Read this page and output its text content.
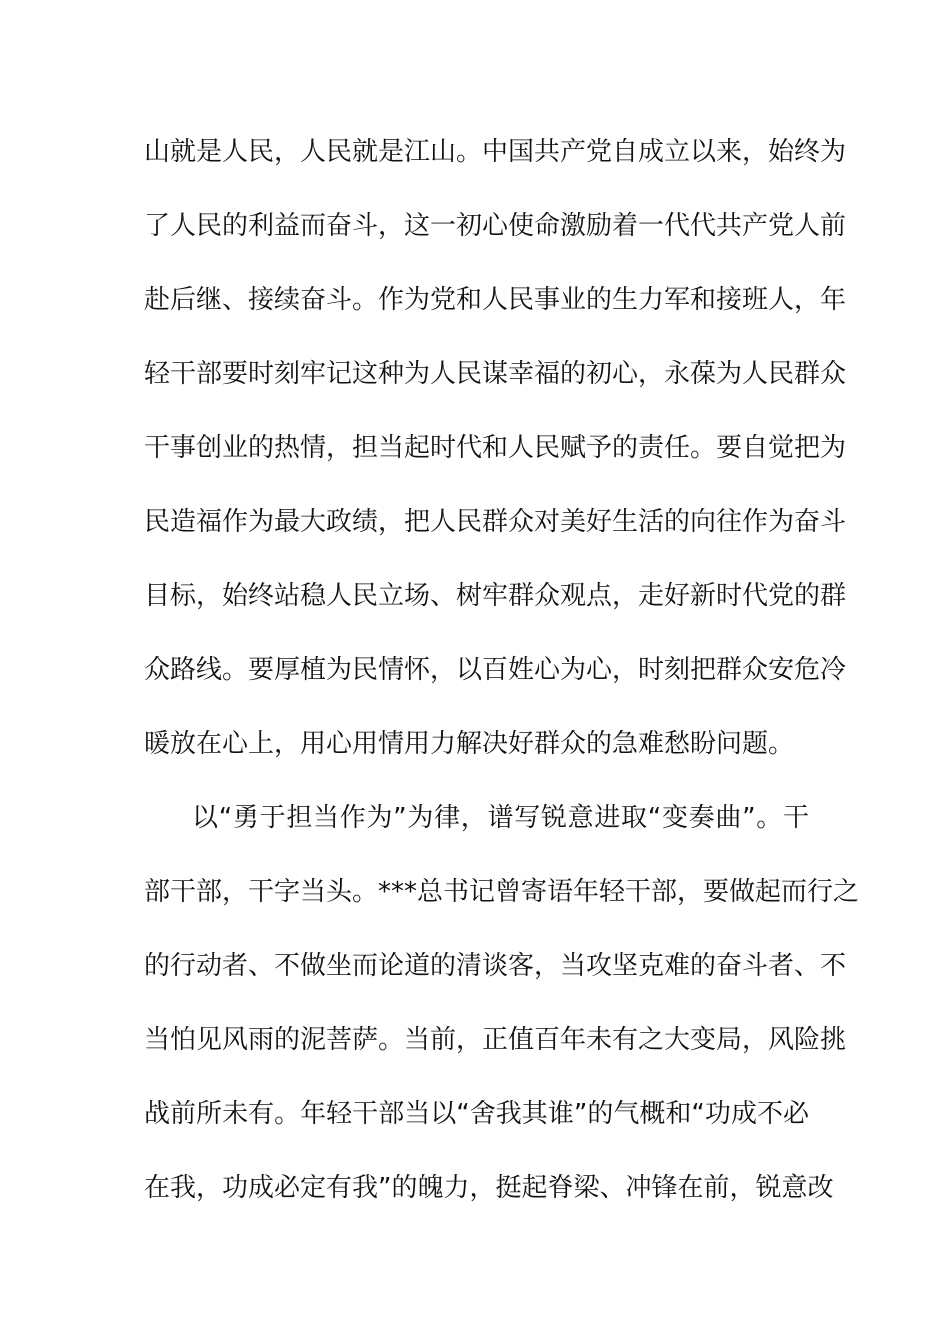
山就是人民，人民就是江山。中国共产党自成立以来，始终为
了人民的利益而奋斗，这一初心使命激励着一代代共产党人前
赴后继、接续奋斗。作为党和人民事业的生力军和接班人，年
轻干部要时刻牢记这种为人民谋幸福的初心，永葆为人民群众
干事创业的热情，担当起时代和人民赋予的责任。要自觉把为
民造福作为最大政绩，把人民群众对美好生活的向往作为奋斗
目标，始终站稳人民立场、树牢群众观点，走好新时代党的群
众路线。要厚植为民情怀，以百姓心为心，时刻把群众安危冷
暖放在心上，用心用情用力解决好群众的急难愁盼问题。
以“勇于担当作为”为律，谱写锐意进取“变奏曲”。干
部干部，干字当头。***总书记曾寄语年轻干部，要做起而行之
的行动者、不做坐而论道的清谈客，当攻坚克难的奋斗者、不
当怕见风雨的泥菩萨。当前，正值百年未有之大变局，风险挑
战前所未有。年轻干部当以“舍我其谁”的气概和“功成不必
在我，功成必定有我”的魄力，挺起脊梁、冲锋在前，锐意改
